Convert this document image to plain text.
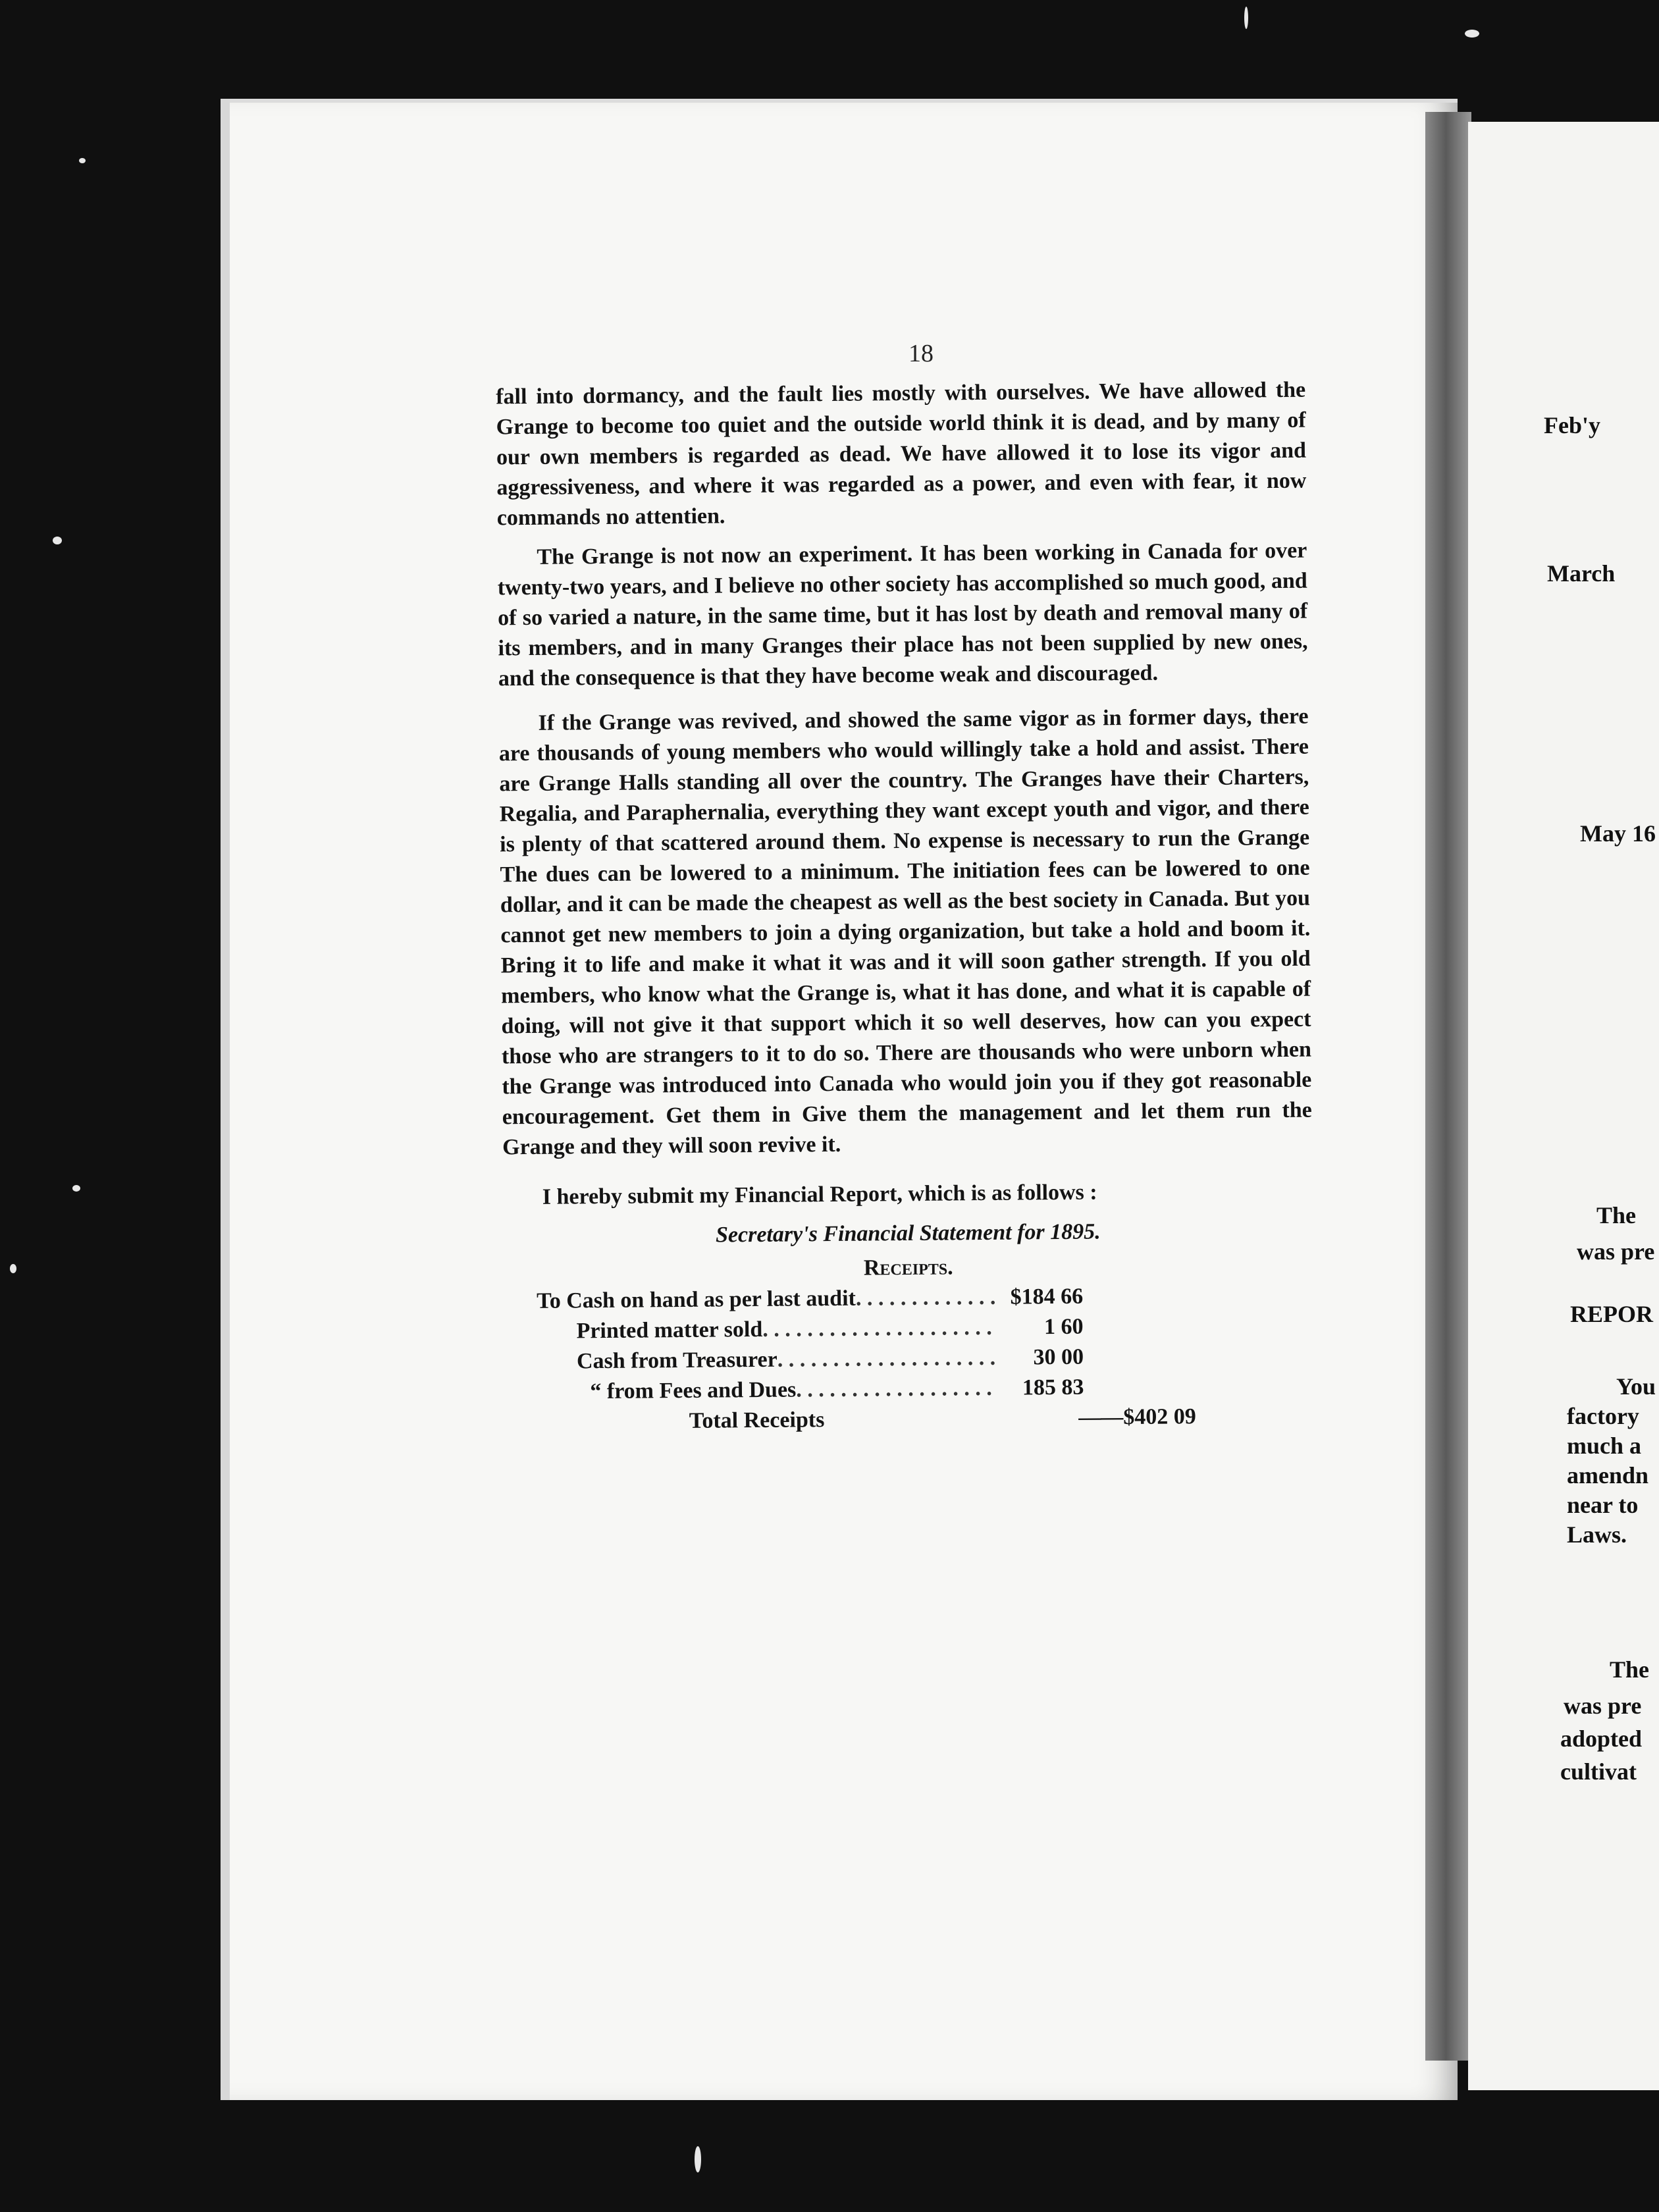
Feb'y
March
May 16
The
was pre
REPOR
You
factory
much a
amendn
near to
Laws.
The
was pre
adopted
cultivat
18

fall into dormancy, and the fault lies mostly with ourselves. We have allowed the Grange to become too quiet and the outside world think it is dead, and by many of our own members is regarded as dead. We have allowed it to lose its vigor and aggressiveness, and where it was regarded as a power, and even with fear, it now commands no attentien.

The Grange is not now an experiment. It has been working in Canada for over twenty-two years, and I believe no other society has accomplished so much good, and of so varied a nature, in the same time, but it has lost by death and removal many of its members, and in many Granges their place has not been supplied by new ones, and the consequence is that they have become weak and discouraged.

If the Grange was revived, and showed the same vigor as in former days, there are thousands of young members who would willingly take a hold and assist. There are Grange Halls standing all over the country. The Granges have their Charters, Regalia, and Paraphernalia, everything they want except youth and vigor, and there is plenty of that scattered around them. No expense is necessary to run the Grange The dues can be lowered to a minimum. The initiation fees can be lowered to one dollar, and it can be made the cheapest as well as the best society in Canada. But you cannot get new members to join a dying organization, but take a hold and boom it. Bring it to life and make it what it was and it will soon gather strength. If you old members, who know what the Grange is, what it has done, and what it is capable of doing, will not give it that support which it so well deserves, how can you expect those who are strangers to it to do so. There are thousands who were unborn when the Grange was introduced into Canada who would join you if they got reasonable encouragement. Get them in Give them the management and let them run the Grange and they will soon revive it.

I hereby submit my Financial Report, which is as follows :

Secretary's Financial Statement for 1895.

Receipts.

To Cash on hand as per last audit . . .	$184 66
Printed matter sold . . .	1 60
Cash from Treasurer . . .	30 00
“ from Fees and Dues . . .	185 83
Total Receipts	——$402 09
